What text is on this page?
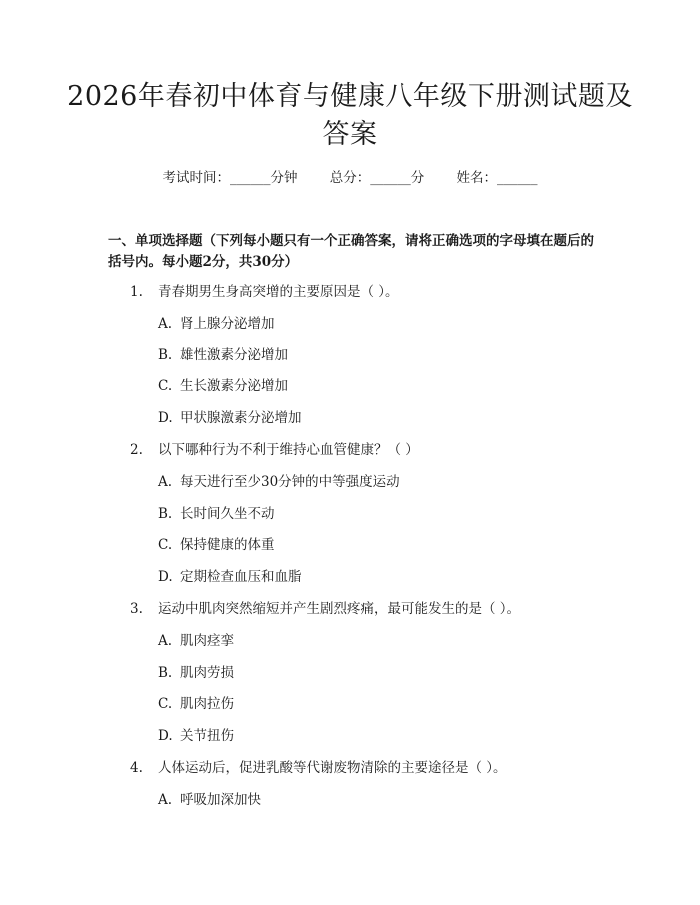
2026年春初中体育与健康八年级下册测试题及答案
考试时间：______分钟 总分：______分 姓名：______
一、单项选择题（下列每小题只有一个正确答案，请将正确选项的字母填在题后的括号内。每小题2分，共30分）
1. 青春期男生身高突增的主要原因是（ ）。
A. 肾上腺分泌增加
B. 雄性激素分泌增加
C. 生长激素分泌增加
D. 甲状腺激素分泌增加
2. 以下哪种行为不利于维持心血管健康？（ ）
A. 每天进行至少30分钟的中等强度运动
B. 长时间久坐不动
C. 保持健康的体重
D. 定期检查血压和血脂
3. 运动中肌肉突然缩短并产生剧烈疼痛，最可能发生的是（ ）。
A. 肌肉痉挛
B. 肌肉劳损
C. 肌肉拉伤
D. 关节扭伤
4. 人体运动后，促进乳酸等代谢废物清除的主要途径是（ ）。
A. 呼吸加深加快
